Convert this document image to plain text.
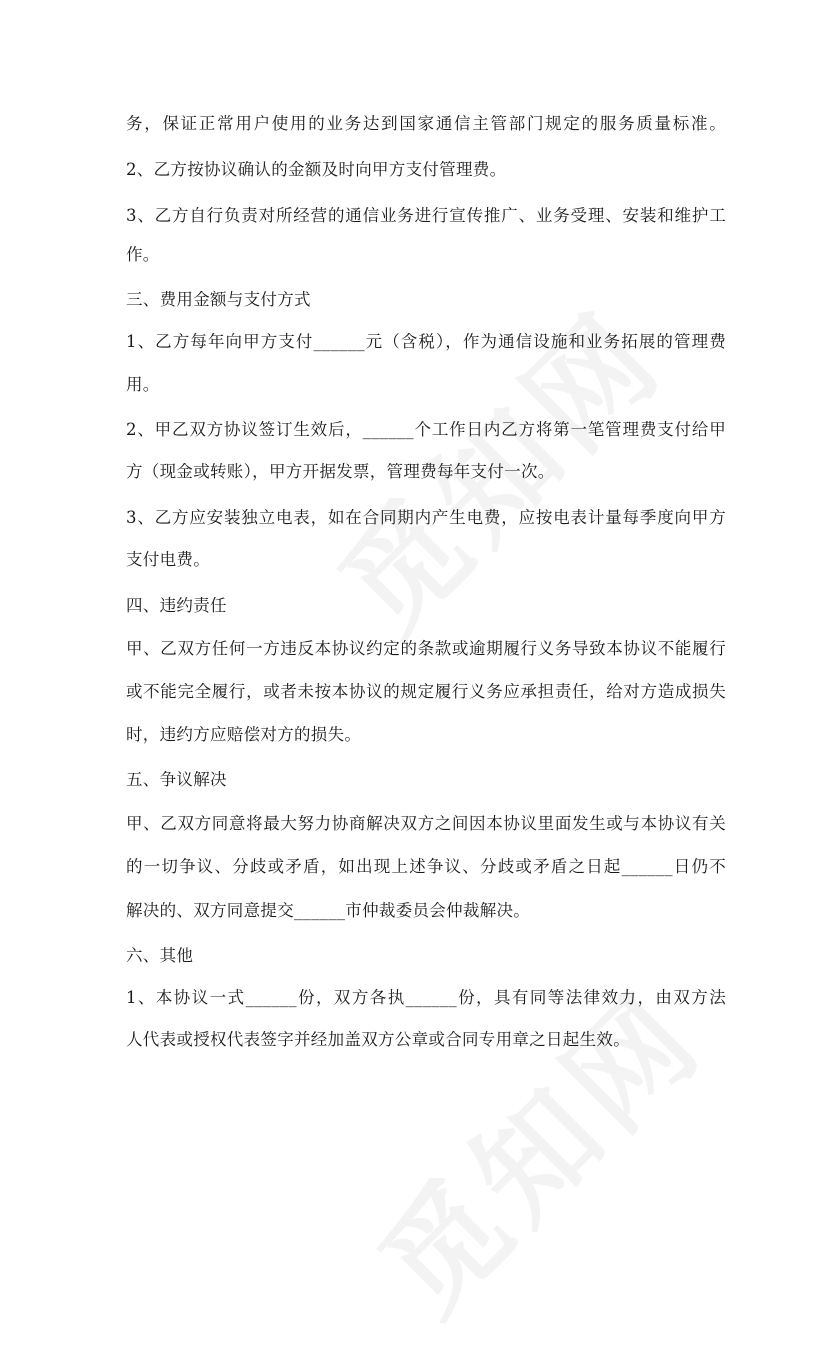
务，保证正常用户使用的业务达到国家通信主管部门规定的服务质量标准。
2、乙方按协议确认的金额及时向甲方支付管理费。
3、乙方自行负责对所经营的通信业务进行宣传推广、业务受理、安装和维护工
作。
三、费用金额与支付方式
1、乙方每年向甲方支付______元（含税），作为通信设施和业务拓展的管理费
用。
2、甲乙双方协议签订生效后，______个工作日内乙方将第一笔管理费支付给甲
方（现金或转账），甲方开据发票，管理费每年支付一次。
3、乙方应安装独立电表，如在合同期内产生电费，应按电表计量每季度向甲方
支付电费。
四、违约责任
甲、乙双方任何一方违反本协议约定的条款或逾期履行义务导致本协议不能履行
或不能完全履行，或者未按本协议的规定履行义务应承担责任，给对方造成损失
时，违约方应赔偿对方的损失。
五、争议解决
甲、乙双方同意将最大努力协商解决双方之间因本协议里面发生或与本协议有关
的一切争议、分歧或矛盾，如出现上述争议、分歧或矛盾之日起______日仍不
解决的、双方同意提交______市仲裁委员会仲裁解决。
六、其他
1、本协议一式______份，双方各执______份，具有同等法律效力，由双方法
人代表或授权代表签字并经加盖双方公章或合同专用章之日起生效。
